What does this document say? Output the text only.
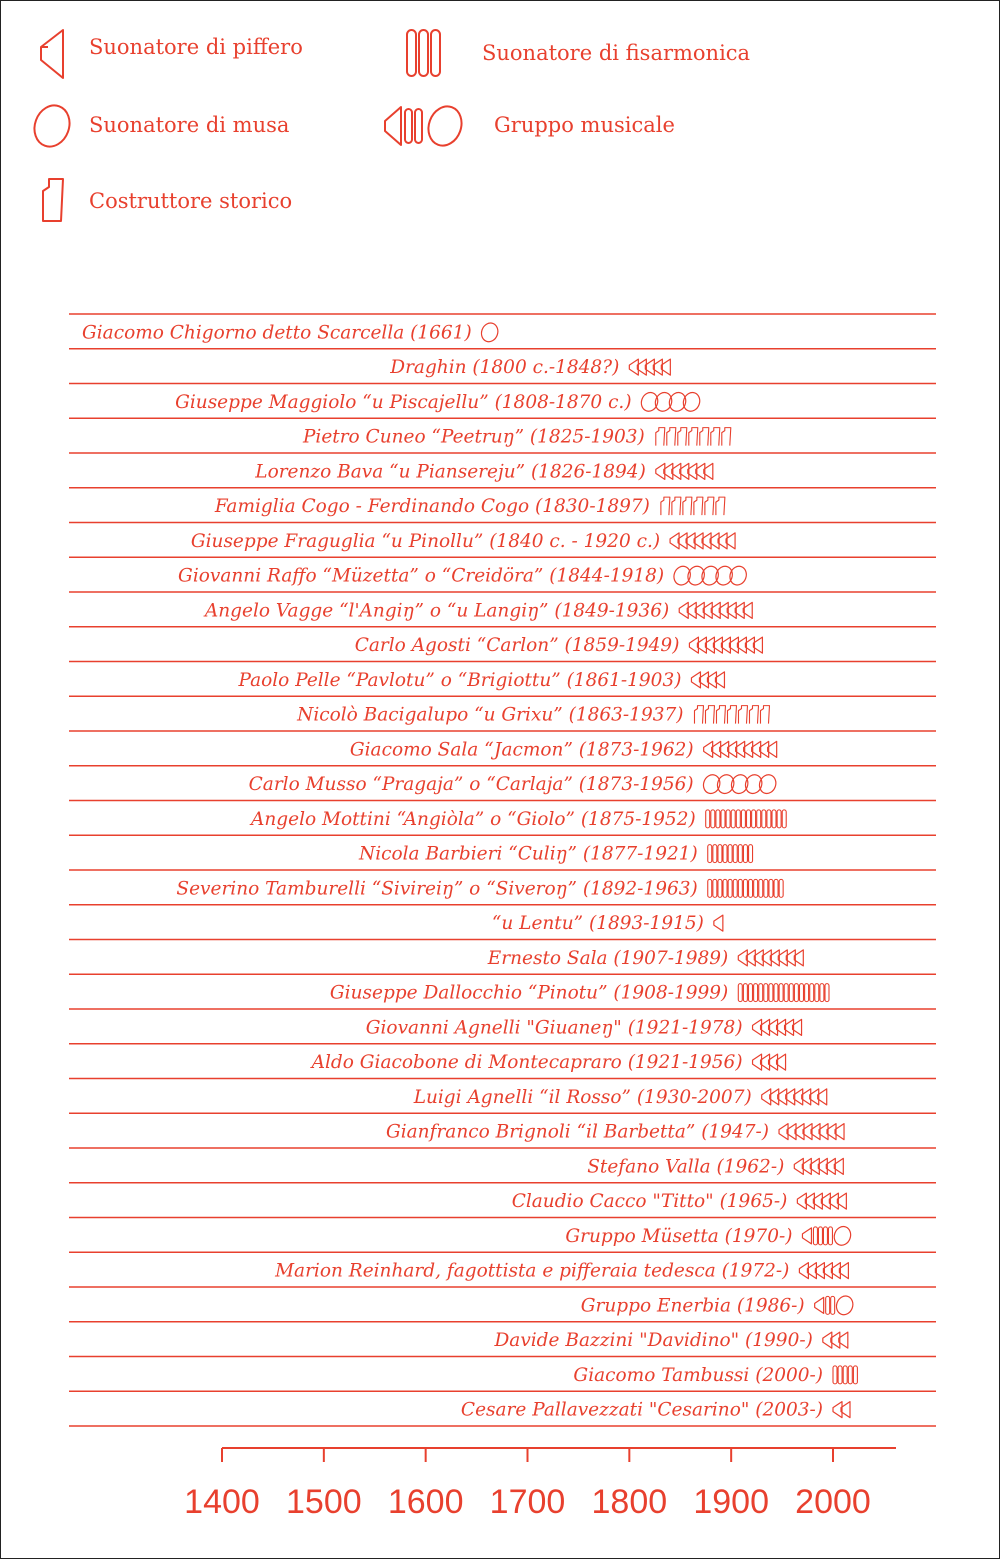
Suonatore di piffero	Suonatore di fisarmonica
Suonatore di musa	Gruppo musicale
Costruttore storico
Giacomo Chigorno detto Scarcella (1661)
Draghin (1800 c.-1848?)
Giuseppe Maggiolo “u Piscajellu” (1808-1870 c.)
Pietro Cuneo “Peetruŋ” (1825-1903)
Lorenzo Bava “u Piansereju” (1826-1894)
Famiglia Cogo - Ferdinando Cogo (1830-1897)
Giuseppe Fraguglia “u Pinollu” (1840 c. - 1920 c.)
Giovanni Raffo “Müzetta” o “Creidöra” (1844-1918)
Angelo Vagge “l'Angiŋ” o “u Langiŋ” (1849-1936)
Carlo Agosti “Carlon” (1859-1949)
Paolo Pelle “Pavlotu” o “Brigiottu” (1861-1903)
Nicolò Bacigalupo “u Grixu” (1863-1937)
Giacomo Sala “Jacmon” (1873-1962)
Carlo Musso “Pragaja” o “Carlaja” (1873-1956)
Angelo Mottini “Angiòla” o “Giolo” (1875-1952)
Nicola Barbieri “Culiŋ” (1877-1921)
Severino Tamburelli “Sivireiŋ” o “Siveroŋ” (1892-1963)
“u Lentu” (1893-1915)
Ernesto Sala (1907-1989)
Giuseppe Dallocchio “Pinotu” (1908-1999)
Giovanni Agnelli "Giuaneŋ" (1921-1978)
Aldo Giacobone di Montecapraro (1921-1956)
Luigi Agnelli “il Rosso” (1930-2007)
Gianfranco Brignoli “il Barbetta” (1947-)
Stefano Valla (1962-)
Claudio Cacco "Titto" (1965-)
Gruppo Müsetta (1970-)
Marion Reinhard, fagottista e pifferaia tedesca (1972-)
Gruppo Enerbia (1986-)
Davide Bazzini "Davidino" (1990-)
Giacomo Tambussi (2000-)
Cesare Pallavezzati "Cesarino" (2003-)
1400 1500 1600 1700 1800 1900 2000
